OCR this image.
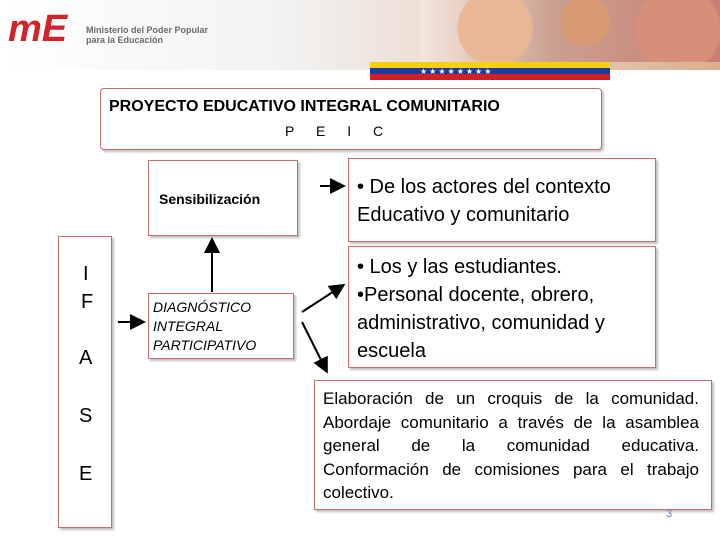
mE Ministerio del Poder Popular
para la Educación
★★★★★★★★
PROYECTO EDUCATIVO INTEGRAL COMUNITARIO
P E I C
I
F
A
S
E
Sensibilización
DIAGNÓSTICO
INTEGRAL
PARTICIPATIVO
• De los actores del contexto Educativo y comunitario
• Los y las estudiantes.
•Personal docente, obrero, administrativo, comunidad y escuela
Elaboración de un croquis de la comunidad. Abordaje comunitario a través de la asamblea general de la comunidad educativa. Conformación de comisiones para el trabajo colectivo.
3
